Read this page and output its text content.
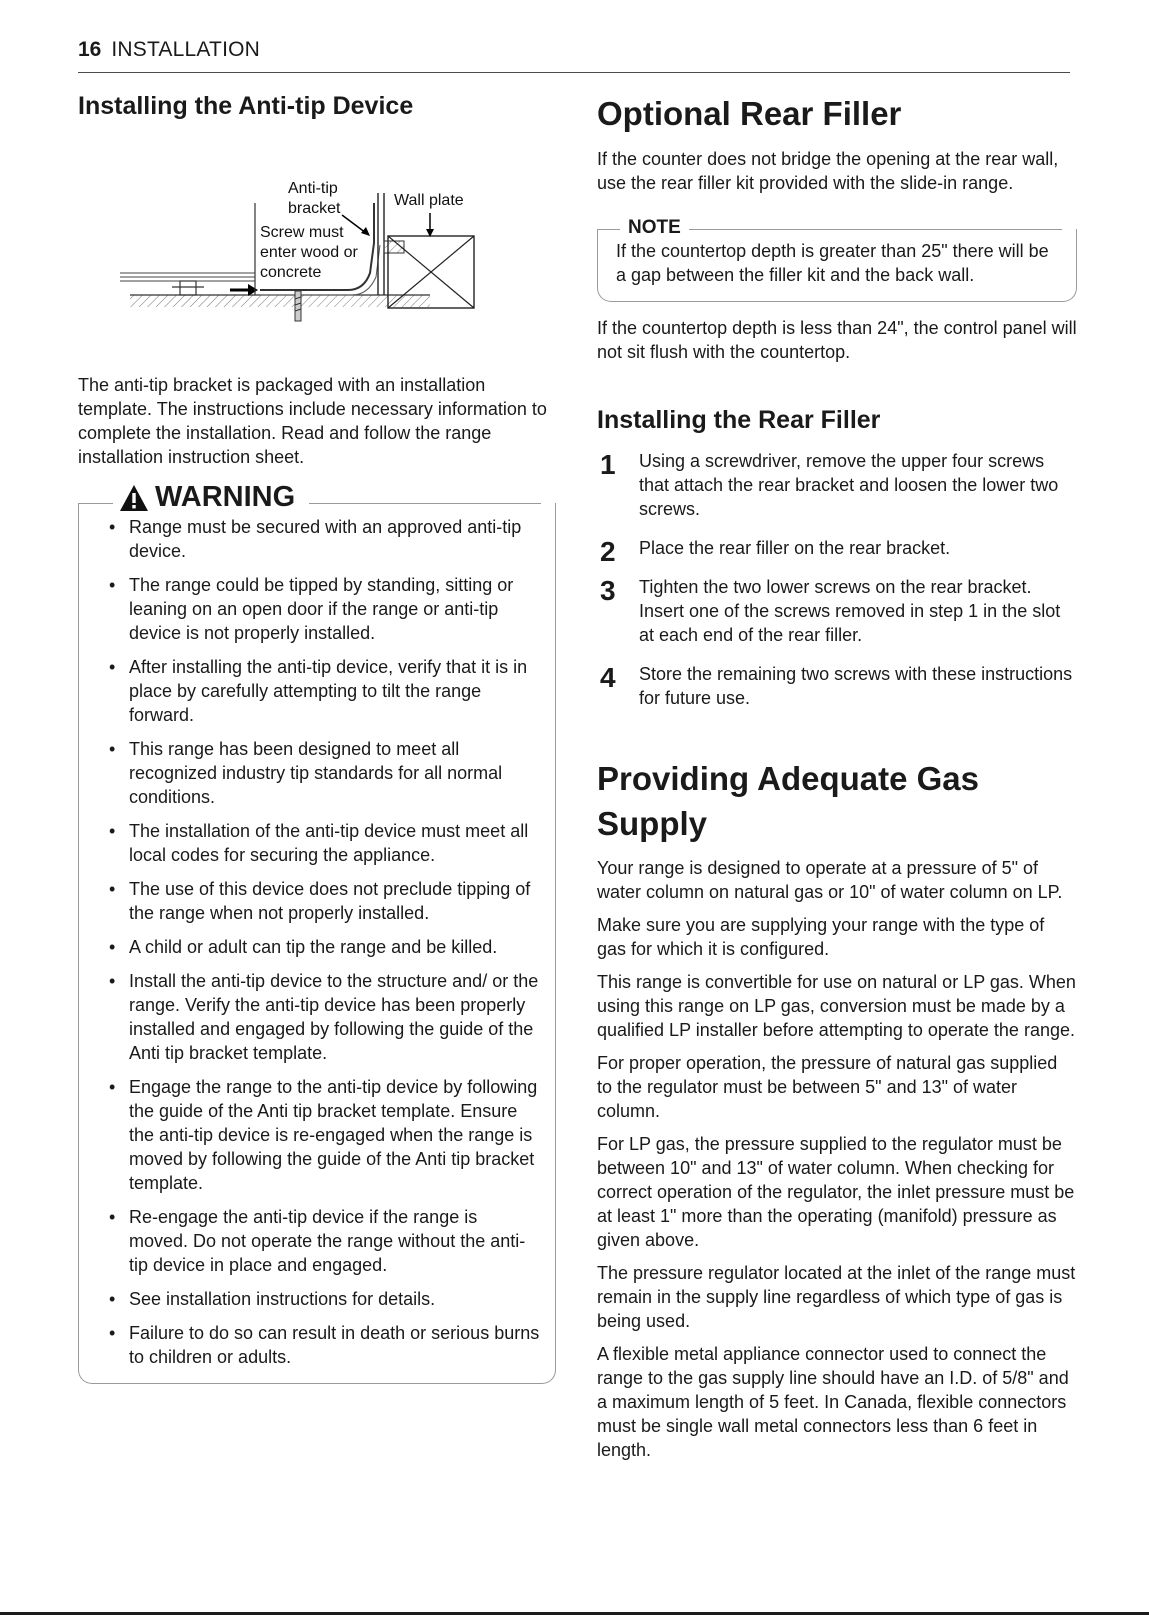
16 INSTALLATION
Installing the Anti-tip Device
Anti-tip
bracket	Wall plate
Screw must
enter wood or
concrete

The anti-tip bracket is packaged with an installation template. The instructions include necessary information to complete the installation. Read and follow the range installation instruction sheet.

WARNING
• Range must be secured with an approved anti-tip device.
• The range could be tipped by standing, sitting or leaning on an open door if the range or anti-tip device is not properly installed.
• After installing the anti-tip device, verify that it is in place by carefully attempting to tilt the range forward.
• This range has been designed to meet all recognized industry tip standards for all normal conditions.
• The installation of the anti-tip device must meet all local codes for securing the appliance.
• The use of this device does not preclude tipping of the range when not properly installed.
• A child or adult can tip the range and be killed.
• Install the anti-tip device to the structure and/ or the range. Verify the anti-tip device has been properly installed and engaged by following the guide of the Anti tip bracket template.
• Engage the range to the anti-tip device by following the guide of the Anti tip bracket template. Ensure the anti-tip device is re-engaged when the range is moved by following the guide of the Anti tip bracket template.
• Re-engage the anti-tip device if the range is moved. Do not operate the range without the anti-tip device in place and engaged.
• See installation instructions for details.
• Failure to do so can result in death or serious burns to children or adults.
Optional Rear Filler

If the counter does not bridge the opening at the rear wall, use the rear filler kit provided with the slide-in range.

NOTE

If the countertop depth is greater than 25" there will be a gap between the filler kit and the back wall.

If the countertop depth is less than 24", the control panel will not sit flush with the countertop.

Installing the Rear Filler
1 Using a screwdriver, remove the upper four screws that attach the rear bracket and loosen the lower two screws.
2 Place the rear filler on the rear bracket.
3 Tighten the two lower screws on the rear bracket. Insert one of the screws removed in step 1 in the slot at each end of the rear filler.
4 Store the remaining two screws with these instructions for future use.
Providing Adequate Gas
Supply

Your range is designed to operate at a pressure of 5" of water column on natural gas or 10" of water column on LP.

Make sure you are supplying your range with the type of gas for which it is configured.

This range is convertible for use on natural or LP gas. When using this range on LP gas, conversion must be made by a qualified LP installer before attempting to operate the range.

For proper operation, the pressure of natural gas supplied to the regulator must be between 5" and 13" of water column.

For LP gas, the pressure supplied to the regulator must be between 10" and 13" of water column. When checking for correct operation of the regulator, the inlet pressure must be at least 1" more than the operating (manifold) pressure as given above.

The pressure regulator located at the inlet of the range must remain in the supply line regardless of which type of gas is being used.

A flexible metal appliance connector used to connect the range to the gas supply line should have an I.D. of 5/8" and a maximum length of 5 feet. In Canada, flexible connectors must be single wall metal connectors less than 6 feet in length.
